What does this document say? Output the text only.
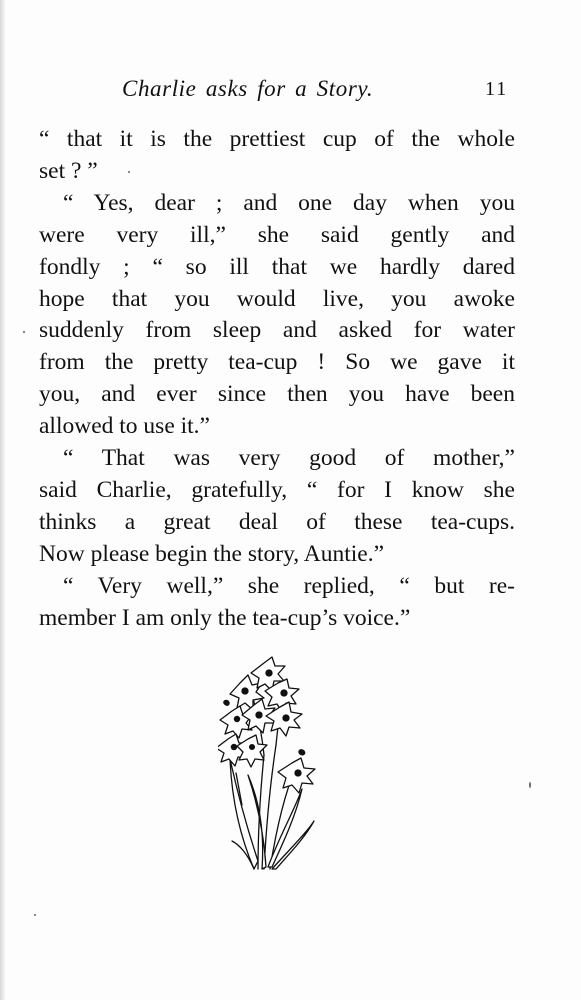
Charlie asks for a Story.	11
“ that it is the prettiest cup of the whole
set ? ”
“ Yes, dear ; and one day when you
were very ill,” she said gently and
fondly ; “ so ill that we hardly dared
hope that you would live, you awoke
suddenly from sleep and asked for water
from the pretty tea-cup ! So we gave it
you, and ever since then you have been
allowed to use it.”
“ That was very good of mother,”
said Charlie, gratefully, “ for I know she
thinks a great deal of these tea-cups.
Now please begin the story, Auntie.”
“ Very well,” she replied, “ but re-
member I am only the tea-cup’s voice.”
